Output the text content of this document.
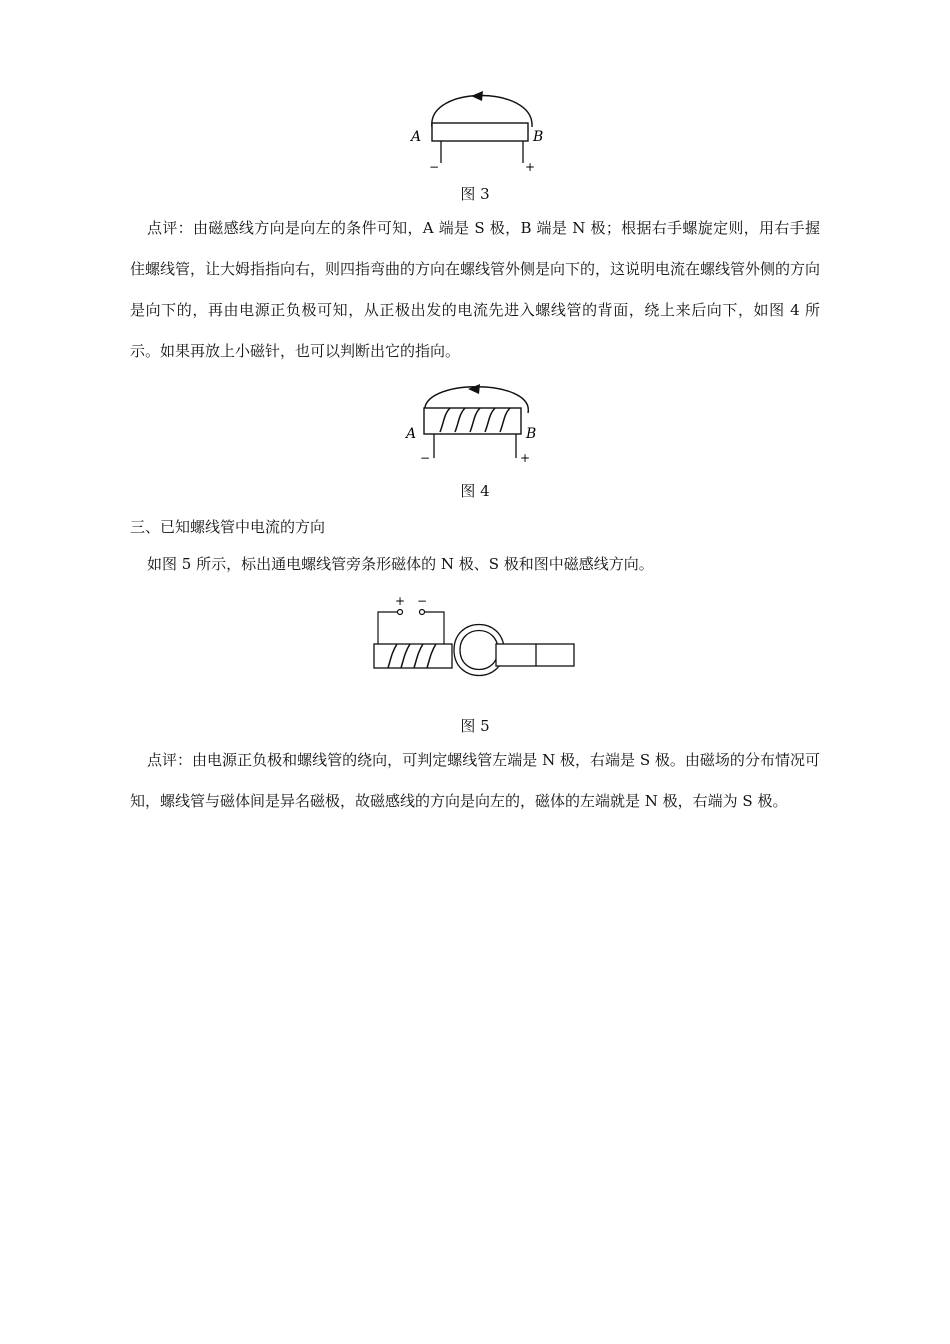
A	B
−	+
图 3
点评：由磁感线方向是向左的条件可知，A 端是 S 极，B 端是 N 极；根据右手螺旋定则，用右手握住螺线管，让大姆指指向右，则四指弯曲的方向在螺线管外侧是向下的，这说明电流在螺线管外侧的方向是向下的，再由电源正负极可知，从正极出发的电流先进入螺线管的背面，绕上来后向下，如图 4 所示。如果再放上小磁针，也可以判断出它的指向。
A	B
−	+
图 4
三、已知螺线管中电流的方向
如图 5 所示，标出通电螺线管旁条形磁体的 N 极、S 极和图中磁感线方向。
+ −
图 5
点评：由电源正负极和螺线管的绕向，可判定螺线管左端是 N 极，右端是 S 极。由磁场的分布情况可知，螺线管与磁体间是异名磁极，故磁感线的方向是向左的，磁体的左端就是 N 极，右端为 S 极。
